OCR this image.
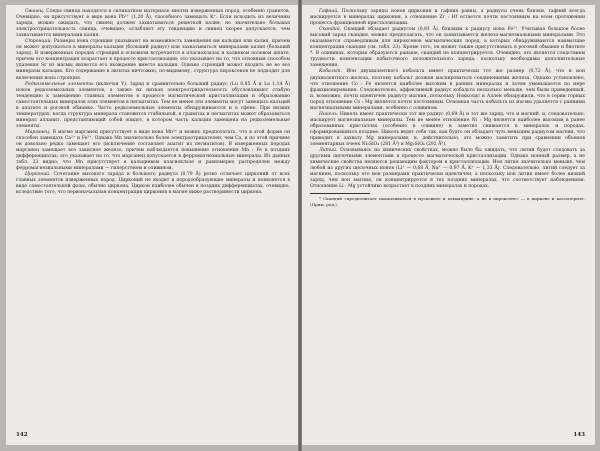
Свинец. Следы свинца находятся в силикатном материале многих изверженных пород, особенно гранитов. Очевидно, он присутствует в виде иона Pb²⁺ (1,20 Å), способного замещать K⁺. Если исходить из величины заряда, можно ожидать, что свинец должен захватываться решеткой калия, но значительно бо́льшая электроотрицательность свинца, очевидно, ослабляет эту тенденцию и свинец скорее допускается, чем захватывается минералами калия.

Стронций. Размеры иона стронция указывают на возможность замещения им кальция или калия, причем он может допускаться в минералы кальция (больший радиус) или захватываться минералами калия (больший заряд). В изверженных породах стронций в основном встречается в плагиоклазах и калиевом полевом шпате, причем его концентрация возрастает в процессе кристаллизации; это указывает на то, что основным способом удаления Sr из магмы является его вхождение вместо кальция. Однако стронций может входить не во все минералы кальция. Его содержание в авгитах ничтожно, по-видимому, структура пироксенов не подходит для включения иона стронция.

Редкоземельные элементы (включая Y). Заряд и сравнительно больший радиус (Lu 0,85 Å и La 1,14 Å) ионов редкоземельных элементов, а также их низкая электроотрицательность обусловливают слабую тенденцию к замещению главных элементов в процессе магматической кристаллизации и образованию самостоятельных минералов этих элементов в пегматитах. Тем не менее эти элементы могут замещать кальций в апатите и роговой обманке. Часто редкоземельные элементы обнаруживаются и в сфене. При низких температурах, когда структура минерала становится стабильной, в гранитах и пегматитах может образоваться минерал алланит, представляющий собой эпидот, в котором часть кальция замещена на редкоземельные элементы.

Марганец. В магме марганец присутствует в виде иона Mn²⁺ и можно предполагать, что в этой форме он способен замещать Ca²⁺ и Fe²⁺. Однако Mn значительно более электроотрицателен, чем Ca, и по этой причине он довольно редко замещает его (исключение составляет апатит из пегматитов). В изверженных породах марганец замещает все закисное железо, причем наблюдается повышение отношения Mn : Fe в поздних дифференциатах; это указывает на то, что марганец допускается в ферромагнезиальные минералы. Из данных табл. 23 видно, что Mn присутствует в кальциевом плагиоклазе и равномерно распределен между ферромагнезиальными минералами — гиперстеном и оливином.

Цирконий. Сочетание высокого заряда и большого радиуса (0,79 Å) резко отличает цирконий от всех главных элементов изверженных пород. Цирконий не входит в породообразующие минералы и появляется в виде самостоятельной фазы, обычно циркона. Циркон наиболее обычен в поздних дифференциатах, очевидно, вследствие того, что первоначальная концентрация циркония в магме ниже растворимости циркона.

142

Гафний. Поскольку заряды ионов циркония и гафния равны, а радиусы очень близки, гафний всегда маскируется в минералах циркония, а отношение Zr : Hf остается почти постоянным на всем протяжении процесса фракционной кристаллизации.

Скандий. Скандий обладает радиусом (0,81 Å), близким к радиусу иона Fe²⁺. Учитывая большое более высокий заряд скандия, можно предполагать, что он захватывается железо-магнезиальными минералами. Это оказывается справедливым для пироксенов магматических пород, в которых обнаруживаются наивысшие концентрации скандия (см. табл. 23). Кроме того, он может также присутствовать в роговой обманке и биотите *. В оливинах, которые образуются раньше, скандий не концентрируется. Очевидно, это является следствием трудности компенсации избыточного положительного заряда, поскольку необходимы дополнительные замещения.

Кобальт. Ион двухвалентного кобальта имеет практически тот же размер (0,72 Å), что и ион двухвалентного железа, поэтому кобальт должен маскироваться соединениями железа. Однако установлено, что отношение Co : Fe является наиболее высоким в ранних минералах и затем уменьшается по мере фракционирования. Следовательно, эффективный радиус кобальта несколько меньше, чем были приведенный, и, возможно, почти идентичен радиусу магния, поскольку Нокколдс и Аллен обнаружили, что в серии горных пород отношение Co : Mg является почти постоянным. Основная часть кобальта из магмы удаляется с ранними магнезиальными минералами, особенно с оливином.

Никель. Никель имеет практически тот же радиус (0,69 Å) и тот же заряд, что и магний, и, следовательно, маскирует магнезиальные минералы. Тем не менее отношение Ni : Mg является наиболее высоким в ранее образованных кристаллах (особенно в оливине) и заметно снижается в минералах и породах, сформировавшихся позднее. Никель ведет себя так, как будто он обладает чуть меньшим радиусом магния, что приводит к захвату Mg минералами, и, действительно, это можно заметить при сравнении объемов элементарных ячеек Ni₂SiO₄ (281 Å³) и Mg₂SiO₄ (292 Å³).

Литий. Основываясь на химических свойствах, можно было бы ожидать, что литий будет следовать за другими щелочными элементами в процессе магматической кристаллизации. Однако ионный размер, а не химические свойства являются решающим фактором в кристаллизации. Ион лития значительно меньше, чем любой из других щелочных ионов (Li⁺ — 0,68 Å, Na⁺ — 0,97 Å, K⁺ — 1,33 Å). Следовательно, литий следует за магнием, поскольку его ион размерами практически идентичен, а поскольку ион лития имеет более низкий заряд, чем ион магния, он концентрируется в тех поздних минералах, что соответствует наблюдениям. Отношение Li : Mg устойчиво возрастает в поздних минералах и породах.

* Скандий «предпочитает накапливаться в мусковите и альмандине, а не в пироксене» — в цирконе и касситерите. (Прим. ред.).

143
